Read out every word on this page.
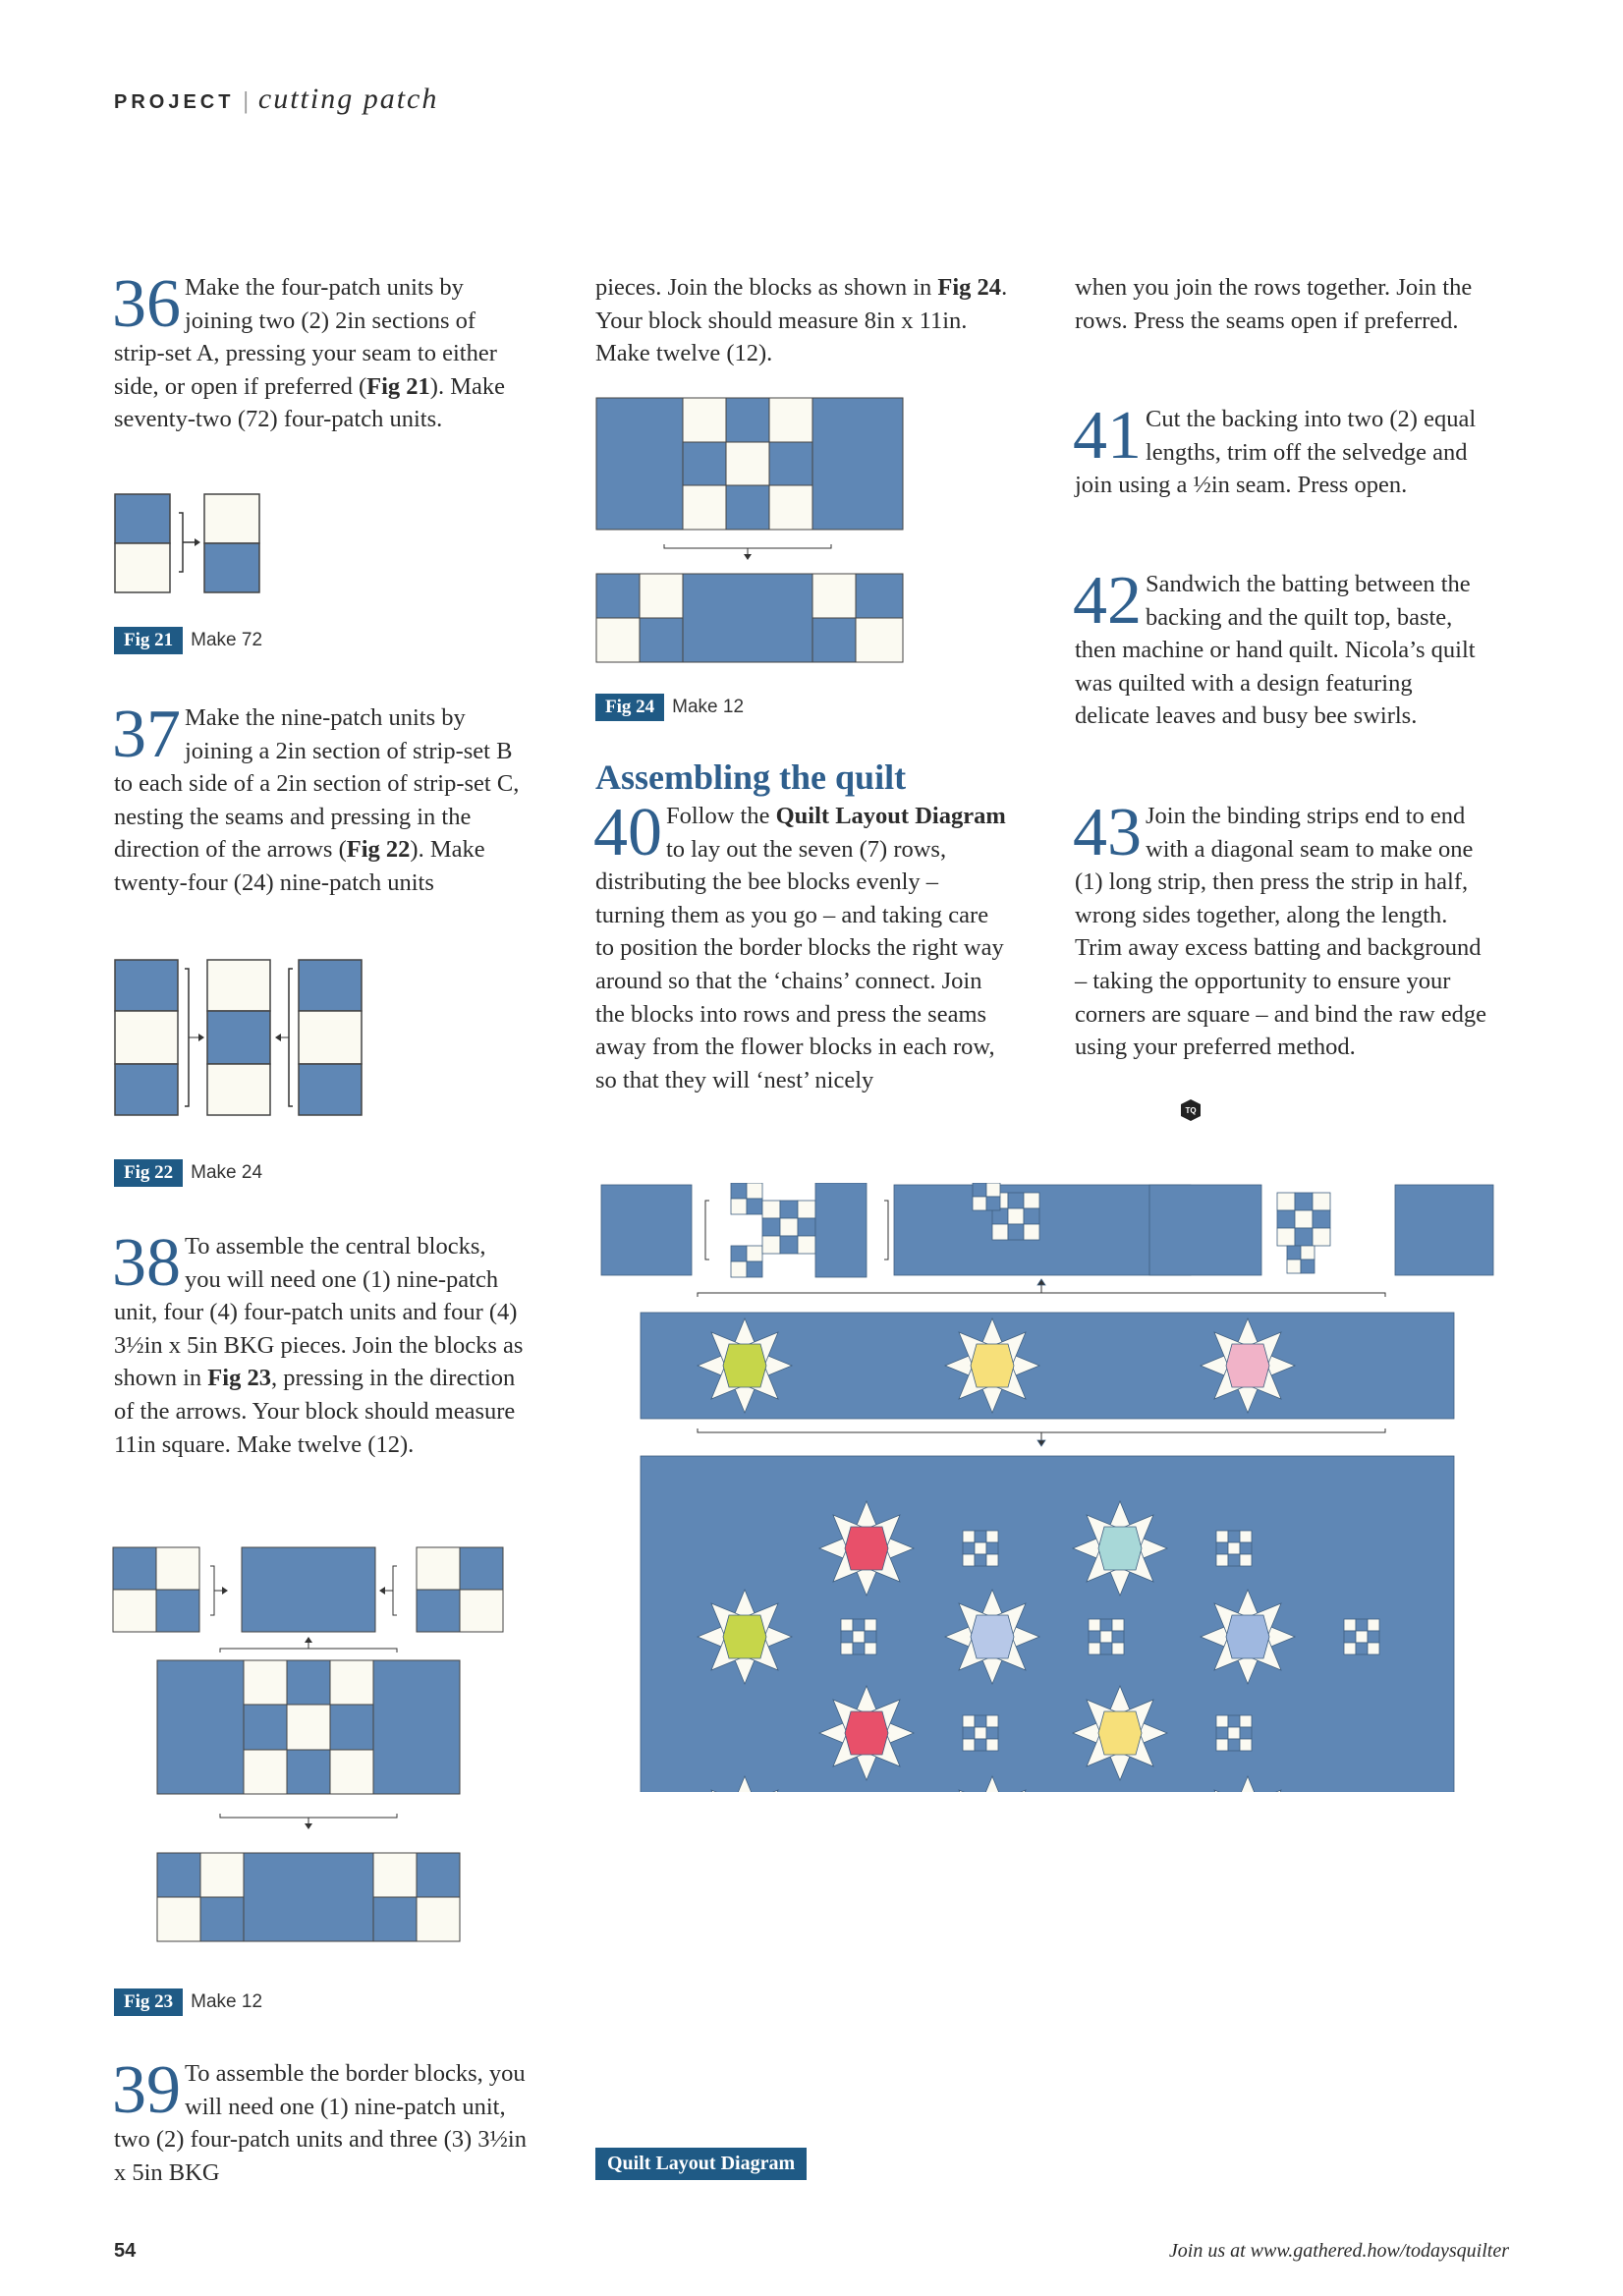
PROJECT | cutting patch
36 Make the four-patch units by joining two (2) 2in sections of strip-set A, pressing your seam to either side, or open if preferred (Fig 21). Make seventy-two (72) four-patch units.

Fig 21 Make 72
37 Make the nine-patch units by joining a 2in section of strip-set B to each side of a 2in section of strip-set C, nesting the seams and pressing in the direction of the arrows (Fig 22). Make twenty-four (24) nine-patch units

Fig 22 Make 24
38 To assemble the central blocks, you will need one (1) nine-patch unit, four (4) four-patch units and four (4) 3½in x 5in BKG pieces. Join the blocks as shown in Fig 23, pressing in the direction of the arrows. Your block should measure 11in square. Make twelve (12).

Fig 23 Make 12
39 To assemble the border blocks, you will need one (1) nine-patch unit, two (2) four-patch units and three (3) 3½in x 5in BKG

pieces. Join the blocks as shown in Fig 24. Your block should measure 8in x 11in. Make twelve (12).

Fig 24 Make 12
Assembling the quilt
40 Follow the Quilt Layout Diagram to lay out the seven (7) rows, distributing the bee blocks evenly – turning them as you go – and taking care to position the border blocks the right way around so that the ‘chains’ connect. Join the blocks into rows and press the seams away from the flower blocks in each row, so that they will ‘nest’ nicely

when you join the rows together. Join the rows. Press the seams open if preferred.

41 Cut the backing into two (2) equal lengths, trim off the selvedge and join using a ½in seam. Press open.

42 Sandwich the batting between the backing and the quilt top, baste, then machine or hand quilt. Nicola’s quilt was quilted with a design featuring delicate leaves and busy bee swirls.

43 Join the binding strips end to end with a diagonal seam to make one (1) long strip, then press the strip in half, wrong sides together, along the length. Trim away excess batting and background – taking the opportunity to ensure your corners are square – and bind the raw edge using your preferred method.

TQ
Quilt Layout Diagram
54	Join us at www.gathered.how/todaysquilter
